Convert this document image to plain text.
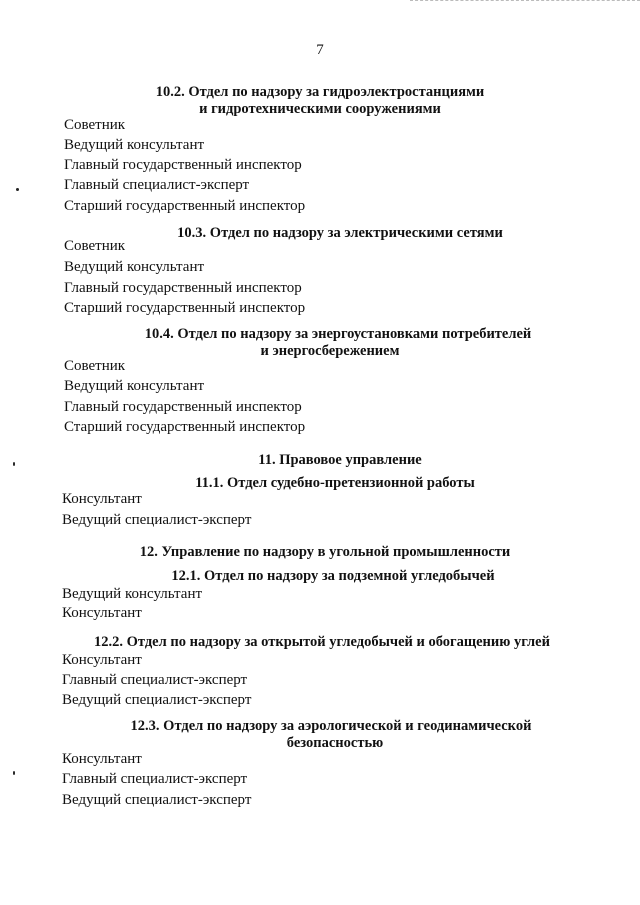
7
10.2. Отдел по надзору за гидроэлектростанциями
и гидротехническими сооружениями
Советник
Ведущий консультант
Главный государственный инспектор
Главный специалист-эксперт
Старший государственный инспектор
10.3. Отдел по надзору за электрическими сетями
Советник
Ведущий консультант
Главный государственный инспектор
Старший государственный инспектор
10.4. Отдел по надзору за энергоустановками потребителей
и энергосбережением
Советник
Ведущий консультант
Главный государственный инспектор
Старший государственный инспектор
11. Правовое управление
11.1. Отдел судебно-претензионной работы
Консультант
Ведущий специалист-эксперт
12. Управление по надзору в угольной промышленности
12.1. Отдел по надзору за подземной угледобычей
Ведущий консультант
Консультант
12.2. Отдел по надзору за открытой угледобычей и обогащению углей
Консультант
Главный специалист-эксперт
Ведущий специалист-эксперт
12.3. Отдел по надзору за аэрологической и геодинамической
безопасностью
Консультант
Главный специалист-эксперт
Ведущий специалист-эксперт
